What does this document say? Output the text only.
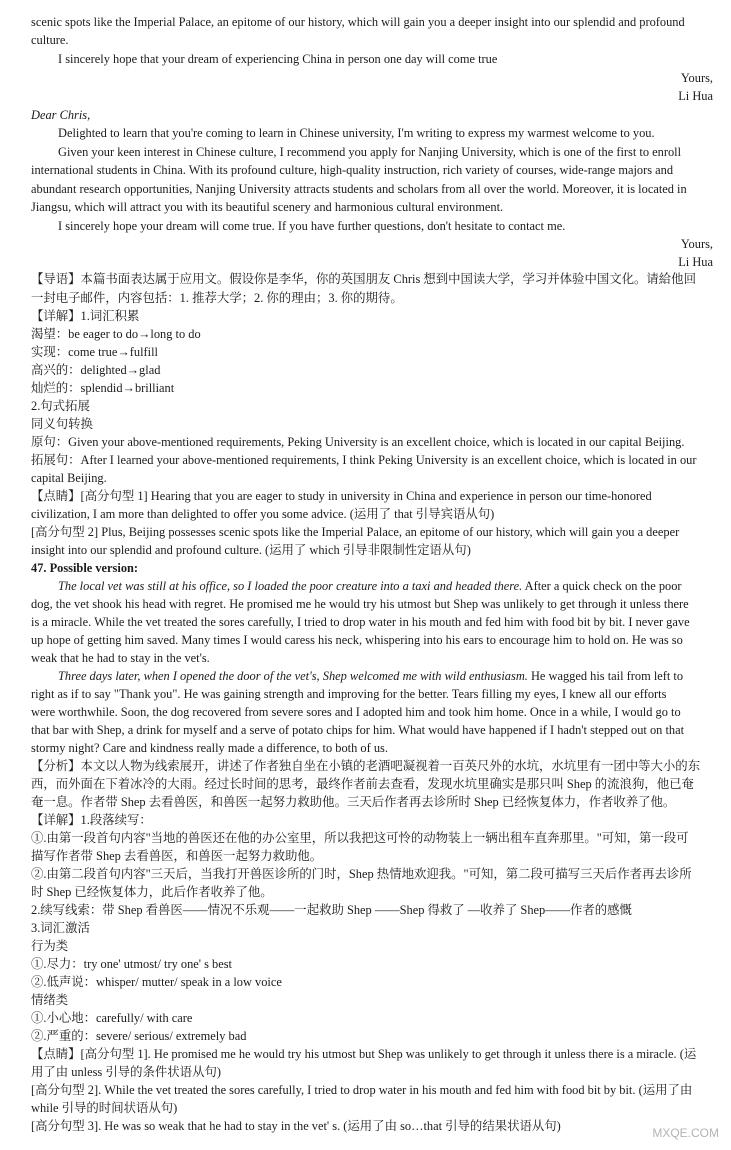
scenic spots like the Imperial Palace, an epitome of our history, which will gain you a deeper insight into our splendid and profound
culture.
I sincerely hope that your dream of experiencing China in person one day will come true
Yours,
Li Hua
Dear Chris,
Delighted to learn that you're coming to learn in Chinese university, I'm writing to express my warmest welcome to you.
Given your keen interest in Chinese culture, I recommend you apply for Nanjing University, which is one of the first to enroll
international students in China. With its profound culture, high-quality instruction, rich variety of courses, wide-range majors and
abundant research opportunities, Nanjing University attracts students and scholars from all over the world. Moreover, it is located in
Jiangsu, which will attract you with its beautiful scenery and harmonious cultural environment.
I sincerely hope your dream will come true. If you have further questions, don't hesitate to contact me.
Yours,
Li Hua
【导语】本篇书面表达属于应用文。假设你是李华，你的英国朋友 Chris 想到中国读大学，学习并体验中国文化。请給他回
一封电子邮件，内容包括：1. 推荐大学；2. 你的理由；3. 你的期待。
【详解】1.词汇积累
渴望：be eager to do→long to do
实现：come true→fulfill
高兴的：delighted→glad
灿烂的：splendid→brilliant
2.句式拓展
同义句转换
原句：Given your above-mentioned requirements, Peking University is an excellent choice, which is located in our capital Beijing.
拓展句：After I learned your above-mentioned requirements, I think Peking University is an excellent choice, which is located in our
capital Beijing.
【点睛】[高分句型 1] Hearing that you are eager to study in university in China and experience in person our time-honored
civilization, I am more than delighted to offer you some advice. (运用了 that 引导宾语从句)
[高分句型 2] Plus, Beijing possesses scenic spots like the Imperial Palace, an epitome of our history, which will gain you a deeper
insight into our splendid and profound culture. (运用了 which 引导非限制性定语从句)
47. Possible version:
The local vet was still at his office, so I loaded the poor creature into a taxi and headed there. After a quick check on the poor
dog, the vet shook his head with regret. He promised me he would try his utmost but Shep was unlikely to get through it unless there
is a miracle. While the vet treated the sores carefully, I tried to drop water in his mouth and fed him with food bit by bit. I never gave
up hope of getting him saved. Many times I would caress his neck, whispering into his ears to encourage him to hold on. He was so
weak that he had to stay in the vet's.
Three days later, when I opened the door of the vet's, Shep welcomed me with wild enthusiasm. He wagged his tail from left to
right as if to say "Thank you". He was gaining strength and improving for the better. Tears filling my eyes, I knew all our efforts
were worthwhile. Soon, the dog recovered from severe sores and I adopted him and took him home. Once in a while, I would go to
that bar with Shep, a drink for myself and a serve of potato chips for him. What would have happened if I hadn't stepped out on that
stormy night? Care and kindness really made a difference, to both of us.
【分析】本文以人物为线索展开，讲述了作者独自坐在小镇的老酒吧凝视着一百英尺外的水坑，水坑里有一团中等大小的东
西，而外面在下着冰冷的大雨。经过长时间的思考，最终作者前去查看，发现水坑里确实是那只叫 Shep 的流浪狗，他已奄
奄一息。作者带 Shep 去看兽医，和兽医一起努力救助他。三天后作者再去诊所时 Shep 已经恢复体力，作者收养了他。
【详解】1.段落续写：
①.由第一段首句内容"当地的兽医还在他的办公室里，所以我把这可怜的动物装上一辆出租车直奔那里。"可知，第一段可
描写作者带 Shep 去看兽医，和兽医一起努力救助他。
②.由第二段首句内容"三天后，当我打开兽医诊所的门时，Shep 热情地欢迎我。"可知，第二段可描写三天后作者再去诊所
时 Shep 已经恢复体力，此后作者收养了他。
2.续写线索：带 Shep 看兽医——情况不乐观——一起救助 Shep ——Shep 得救了 —收养了 Shep——作者的感慨
3.词汇激活
行为类
①.尽力：try one' utmost/ try one' s best
②.低声说：whisper/ mutter/ speak in a low voice
情绪类
①.小心地：carefully/ with care
②.严重的：severe/ serious/ extremely bad
【点睛】[高分句型 1]. He promised me he would try his utmost but Shep was unlikely to get through it unless there is a miracle. (运
用了由 unless 引导的条件状语从句)
[高分句型 2]. While the vet treated the sores carefully, I tried to drop water in his mouth and fed him with food bit by bit. (运用了由
while 引导的时间状语从句)
[高分句型 3]. He was so weak that he had to stay in the vet' s. (运用了由 so…that 引导的结果状语从句)	MXQE.COM
